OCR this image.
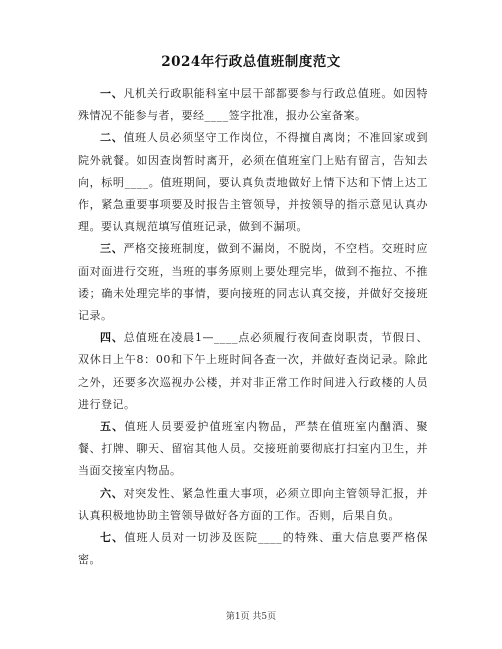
2024年行政总值班制度范文

一、凡机关行政职能科室中层干部都要参与行政总值班。如因特殊情况不能参与者，要经____签字批准，报办公室备案。

二、值班人员必须坚守工作岗位，不得擅自离岗；不准回家或到院外就餐。如因查岗暂时离开，必须在值班室门上贴有留言，告知去向，标明____。值班期间，要认真负责地做好上情下达和下情上达工作，紧急重要事项要及时报告主管领导，并按领导的指示意见认真办理。要认真规范填写值班记录，做到不漏项。

三、严格交接班制度，做到不漏岗，不脱岗，不空档。交班时应面对面进行交班，当班的事务原则上要处理完毕，做到不拖拉、不推诿；确未处理完毕的事情，要向接班的同志认真交接，并做好交接班记录。

四、总值班在凌晨1—____点必须履行夜间查岗职责，节假日、双休日上午8：00和下午上班时间各查一次，并做好查岗记录。除此之外，还要多次巡视办公楼，并对非正常工作时间进入行政楼的人员进行登记。

五、值班人员要爱护值班室内物品，严禁在值班室内酗酒、聚餐、打牌、聊天、留宿其他人员。交接班前要彻底打扫室内卫生，并当面交接室内物品。

六、对突发性、紧急性重大事项，必须立即向主管领导汇报，并认真积极地协助主管领导做好各方面的工作。否则，后果自负。

七、值班人员对一切涉及医院____的特殊、重大信息要严格保密。

第1页 共5页
